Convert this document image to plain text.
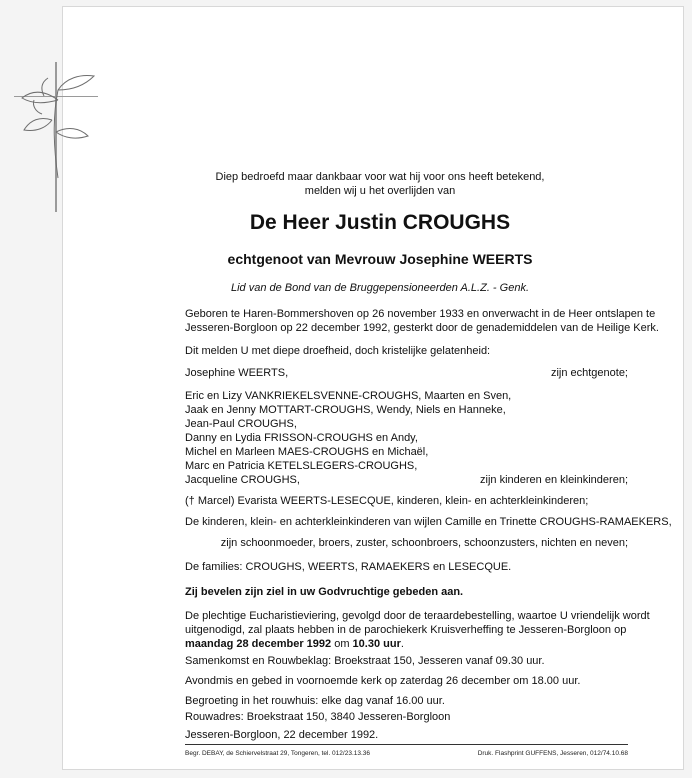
Diep bedroefd maar dankbaar voor wat hij voor ons heeft betekend,
melden wij u het overlijden van
De Heer Justin CROUGHS
echtgenoot van Mevrouw Josephine WEERTS
Lid van de Bond van de Bruggepensioneerden A.L.Z. - Genk.
Geboren te Haren-Bommershoven op 26 november 1933 en onverwacht in de Heer ontslapen te
Jesseren-Borgloon op 22 december 1992, gesterkt door de genademiddelen van de Heilige Kerk.
Dit melden U met diepe droefheid, doch kristelijke gelatenheid:
Josephine WEERTS,	zijn echtgenote;
Eric en Lizy VANKRIEKELSVENNE-CROUGHS, Maarten en Sven,
Jaak en Jenny MOTTART-CROUGHS, Wendy, Niels en Hanneke,
Jean-Paul CROUGHS,
Danny en Lydia FRISSON-CROUGHS en Andy,
Michel en Marleen MAES-CROUGHS en Michaël,
Marc en Patricia KETELSLEGERS-CROUGHS,
Jacqueline CROUGHS,	zijn kinderen en kleinkinderen;
(† Marcel) Evarista WEERTS-LESECQUE, kinderen, klein- en achterkleinkinderen;
De kinderen, klein- en achterkleinkinderen van wijlen Camille en Trinette CROUGHS-RAMAEKERS,
zijn schoonmoeder, broers, zuster, schoonbroers, schoonzusters, nichten en neven;
De families: CROUGHS, WEERTS, RAMAEKERS en LESECQUE.
Zij bevelen zijn ziel in uw Godvruchtige gebeden aan.
De plechtige Eucharistieviering, gevolgd door de teraardebestelling, waartoe U vriendelijk wordt
uitgenodigd, zal plaats hebben in de parochiekerk Kruisverheffing te Jesseren-Borgloon op
maandag 28 december 1992 om 10.30 uur.
Samenkomst en Rouwbeklag: Broekstraat 150, Jesseren vanaf 09.30 uur.
Avondmis en gebed in voornoemde kerk op zaterdag 26 december om 18.00 uur.
Begroeting in het rouwhuis: elke dag vanaf 16.00 uur.
Rouwadres: Broekstraat 150, 3840 Jesseren-Borgloon
Jesseren-Borgloon, 22 december 1992.
Begr. DEBAY, de Schiervelstraat 29, Tongeren, tel. 012/23.13.36	Druk. Flashprint GUFFENS, Jesseren, 012/74.10.68
